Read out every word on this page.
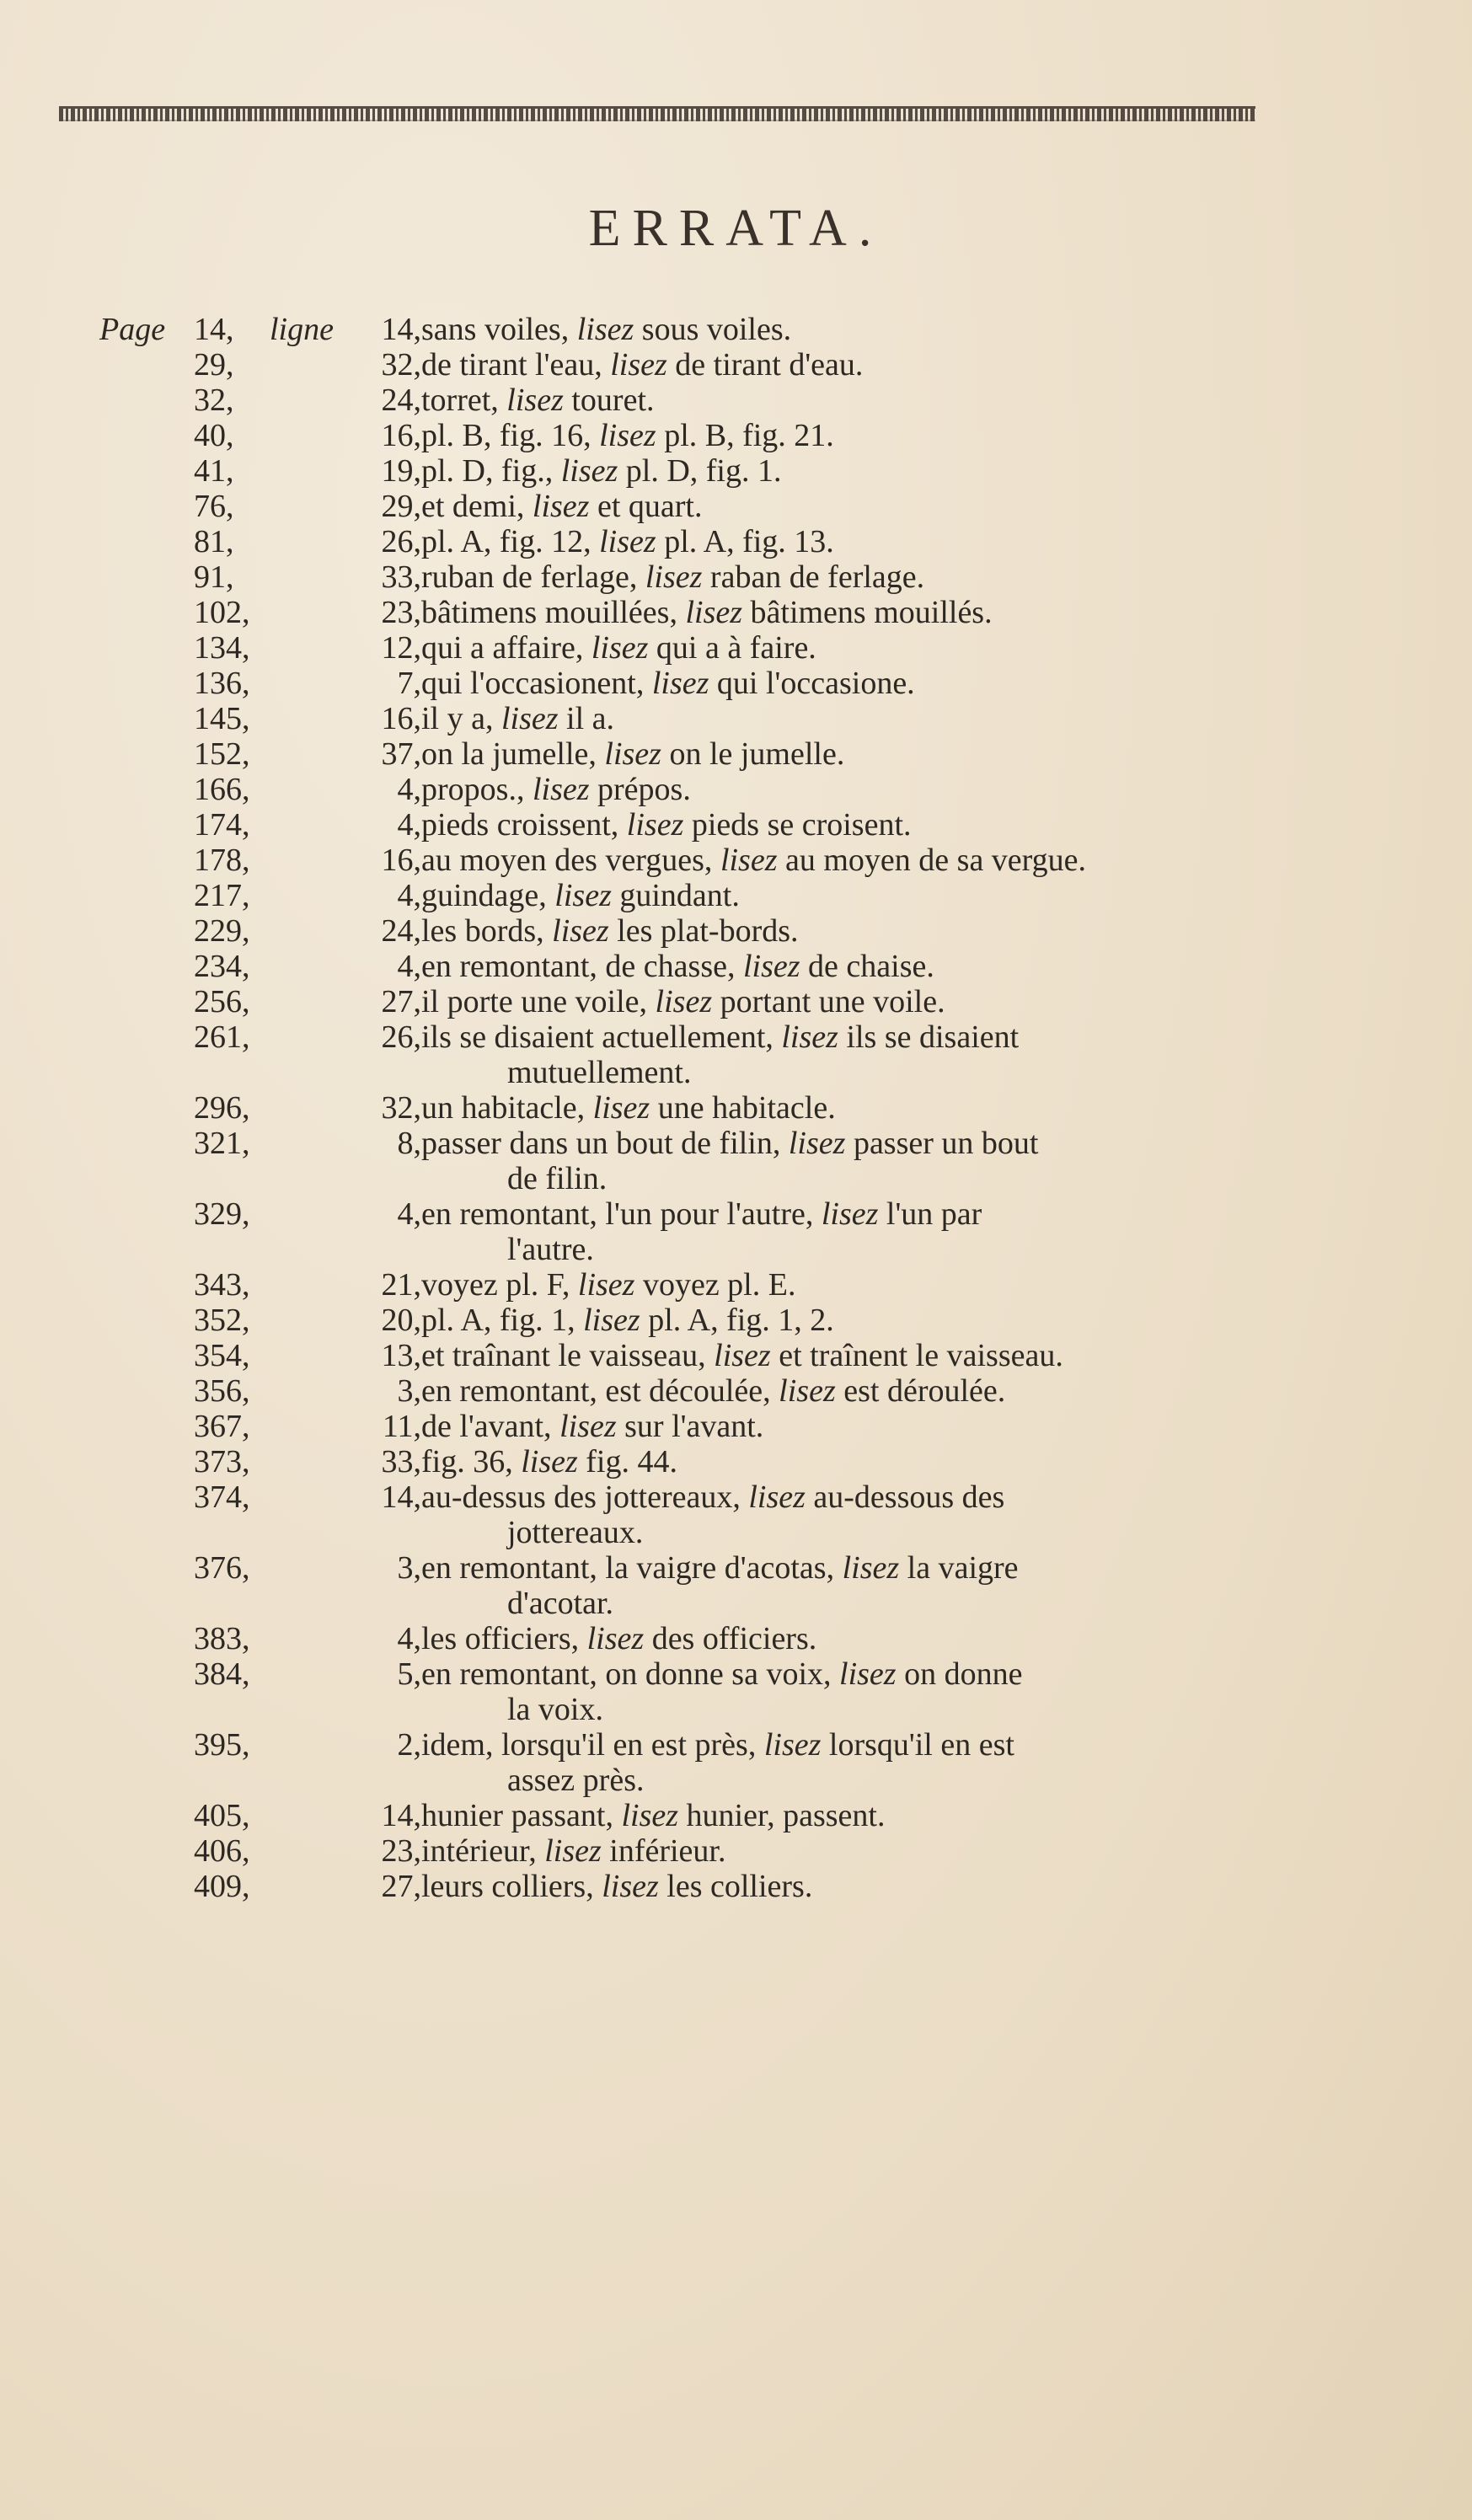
ERRATA.
Page	ligne
14,	14, sans voiles, lisez sous voiles.
29,	32, de tirant l'eau, lisez de tirant d'eau.
32,	24, torret, lisez touret.
40,	16, pl. B, fig. 16, lisez pl. B, fig. 21.
41,	19, pl. D, fig., lisez pl. D, fig. 1.
76,	29, et demi, lisez et quart.
81,	26, pl. A, fig. 12, lisez pl. A, fig. 13.
91,	33, ruban de ferlage, lisez raban de ferlage.
102,	23, bâtimens mouillées, lisez bâtimens mouillés.
134,	12, qui a affaire, lisez qui a à faire.
136,	7, qui l'occasionent, lisez qui l'occasione.
145,	16, il y a, lisez il a.
152,	37, on la jumelle, lisez on le jumelle.
166,	4, propos., lisez prépos.
174,	4, pieds croissent, lisez pieds se croisent.
178,	16, au moyen des vergues, lisez au moyen de sa vergue.
217,	4, guindage, lisez guindant.
229,	24, les bords, lisez les plat-bords.
234,	4, en remontant, de chasse, lisez de chaise.
256,	27, il porte une voile, lisez portant une voile.
261,	26, ils se disaient actuellement, lisez ils se disaient
mutuellement.
296,	32, un habitacle, lisez une habitacle.
321,	8, passer dans un bout de filin, lisez passer un bout
de filin.
329,	4, en remontant, l'un pour l'autre, lisez l'un par
l'autre.
343,	21, voyez pl. F, lisez voyez pl. E.
352,	20, pl. A, fig. 1, lisez pl. A, fig. 1, 2.
354,	13, et traînant le vaisseau, lisez et traînent le vaisseau.
356,	3, en remontant, est découlée, lisez est déroulée.
367,	11, de l'avant, lisez sur l'avant.
373,	33, fig. 36, lisez fig. 44.
374,	14, au-dessus des jottereaux, lisez au-dessous des
jottereaux.
376,	3, en remontant, la vaigre d'acotas, lisez la vaigre
d'acotar.
383,	4, les officiers, lisez des officiers.
384,	5, en remontant, on donne sa voix, lisez on donne
la voix.
395,	2, idem, lorsqu'il en est près, lisez lorsqu'il en est
assez près.
405,	14, hunier passant, lisez hunier, passent.
406,	23, intérieur, lisez inférieur.
409,	27, leurs colliers, lisez les colliers.
